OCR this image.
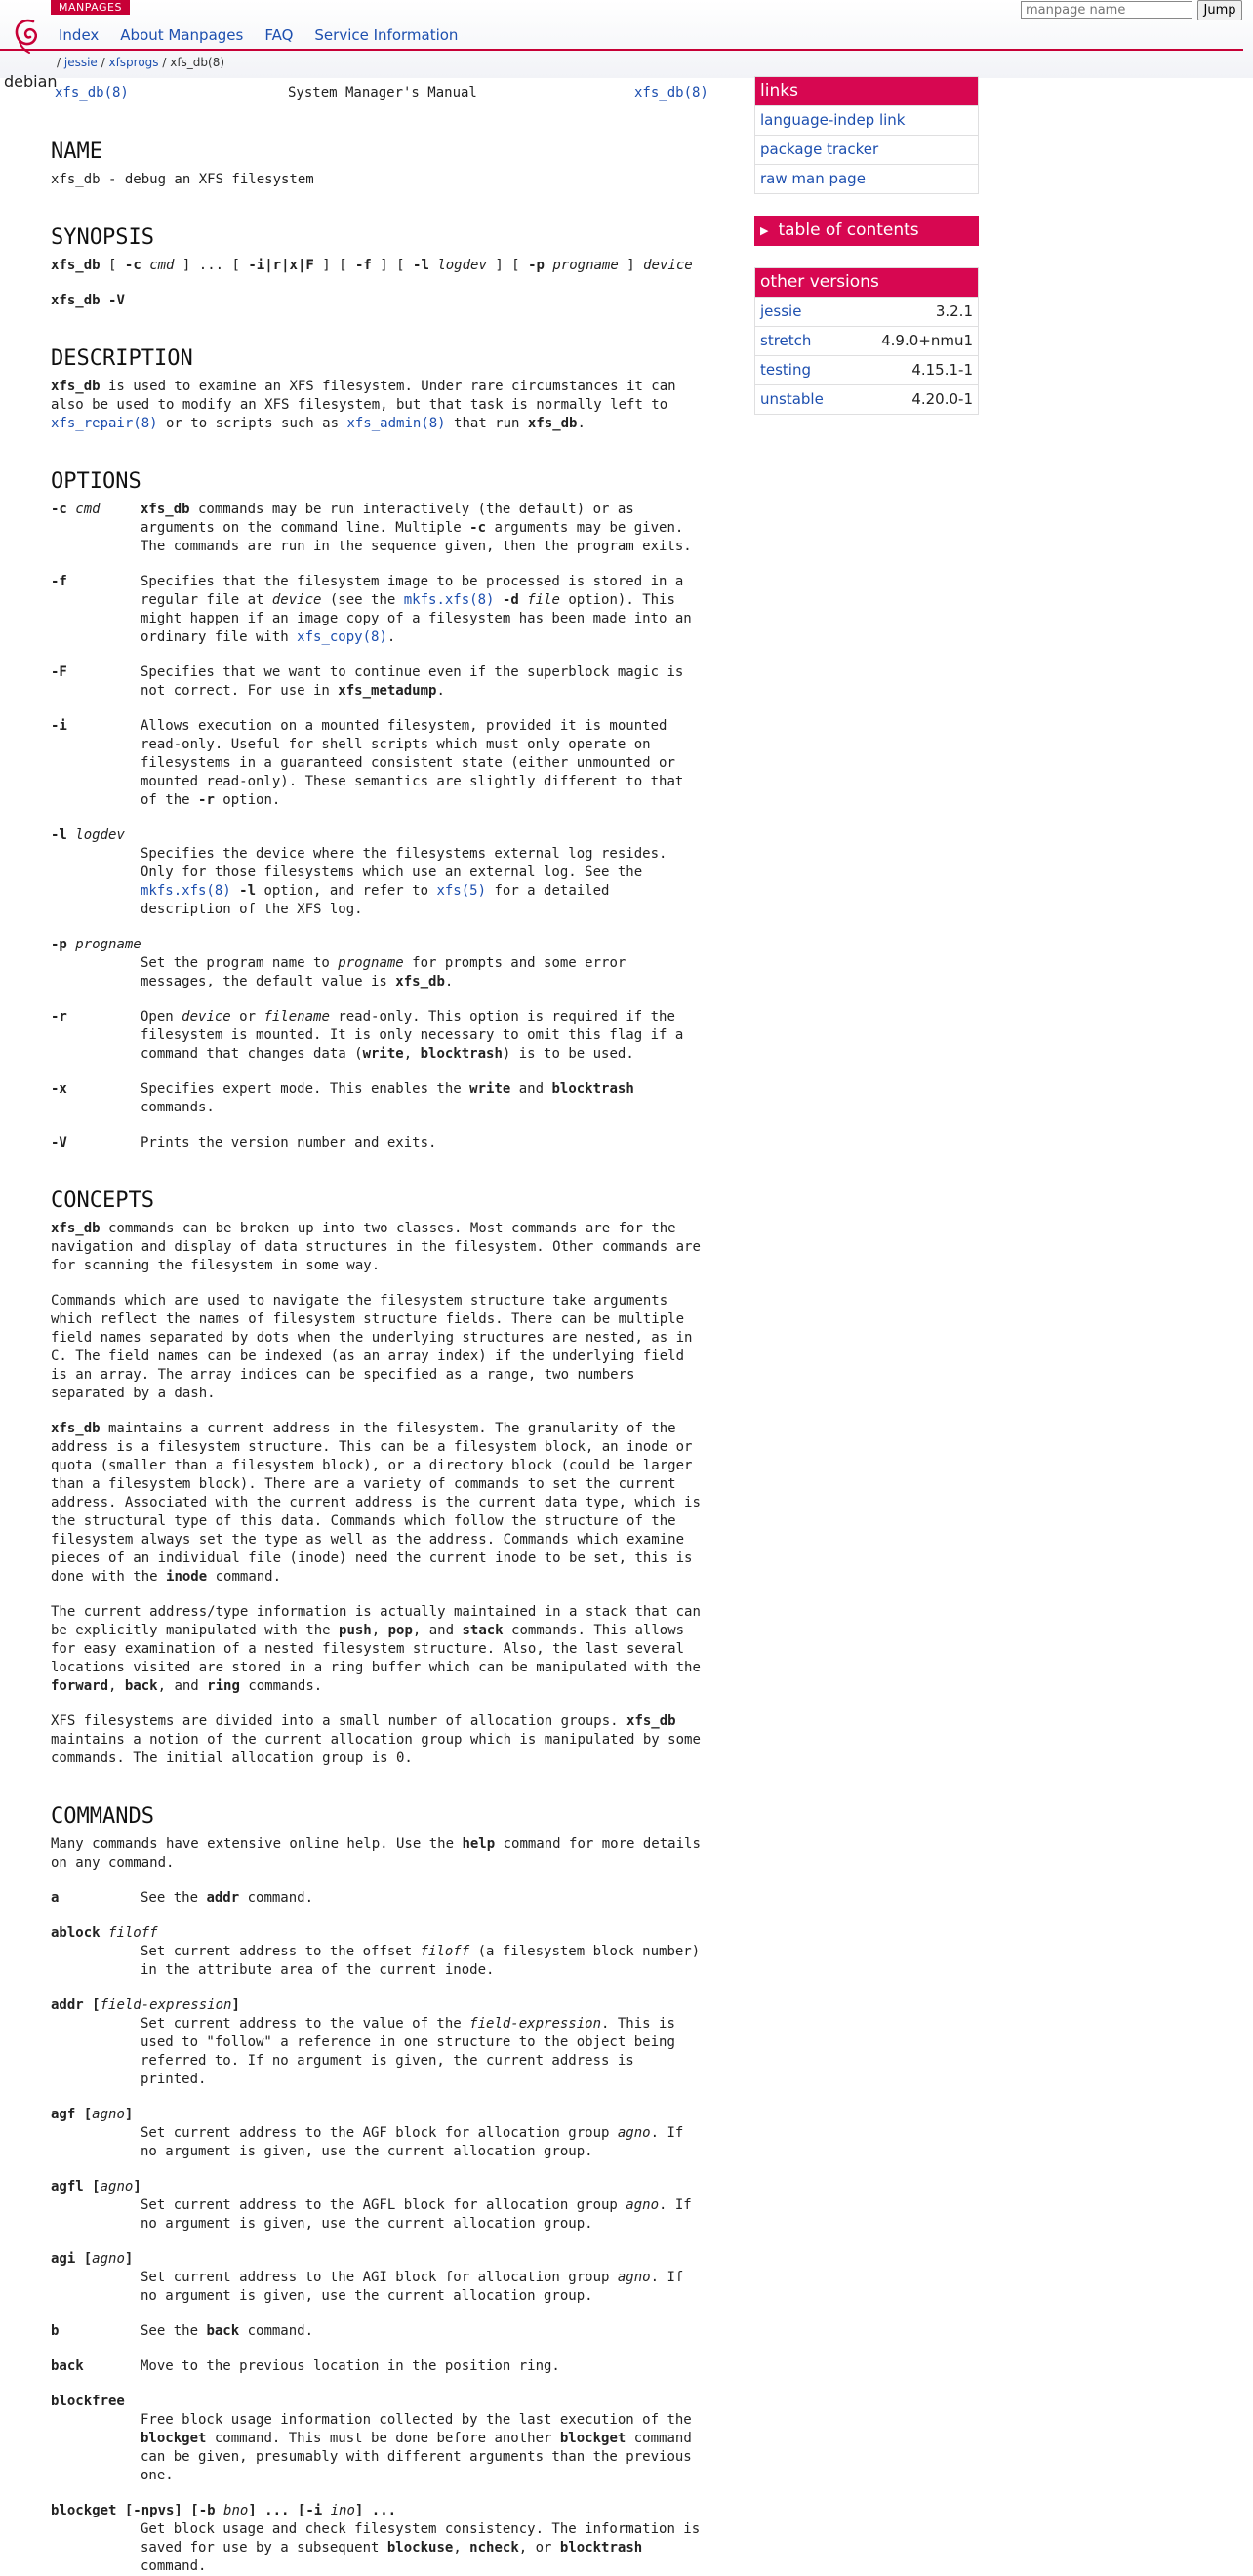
debian
MANPAGES
Index About Manpages FAQ Service Information
/ jessie / xfsprogs / xfs_db(8)
manpage name
Jump
xfs_db(8)	System Manager's Manual	xfs_db(8)
NAME

xfs_db - debug an XFS filesystem

SYNOPSIS

xfs_db [ -c cmd ] ... [ -i|r|x|F ] [ -f ] [ -l logdev ] [ -p progname ] device

xfs_db -V

DESCRIPTION

xfs_db is used to examine an XFS filesystem. Under rare circumstances it can also be used to modify an XFS filesystem, but that task is normally left to xfs_repair(8) or to scripts such as xfs_admin(8) that run xfs_db.

OPTIONS
-c cmd	xfs_db commands may be run interactively (the default) or as arguments on the command line. Multiple -c arguments may be given. The commands are run in the sequence given, then the program exits.
-f	Specifies that the filesystem image to be processed is stored in a regular file at device (see the mkfs.xfs(8) -d file option). This might happen if an image copy of a filesystem has been made into an ordinary file with xfs_copy(8).
-F	Specifies that we want to continue even if the superblock magic is not correct. For use in xfs_metadump.
-i	Allows execution on a mounted filesystem, provided it is mounted read-only. Useful for shell scripts which must only operate on filesystems in a guaranteed consistent state (either unmounted or mounted read-only). These semantics are slightly different to that of the -r option.
-l logdev
Specifies the device where the filesystems external log resides. Only for those filesystems which use an external log. See the mkfs.xfs(8) -l option, and refer to xfs(5) for a detailed description of the XFS log.
-p progname
Set the program name to progname for prompts and some error messages, the default value is xfs_db.
-r	Open device or filename read-only. This option is required if the filesystem is mounted. It is only necessary to omit this flag if a command that changes data (write, blocktrash) is to be used.
-x	Specifies expert mode. This enables the write and blocktrash commands.
-V	Prints the version number and exits.
CONCEPTS

xfs_db commands can be broken up into two classes. Most commands are for the navigation and display of data structures in the filesystem. Other commands are for scanning the filesystem in some way.

Commands which are used to navigate the filesystem structure take arguments which reflect the names of filesystem structure fields. There can be multiple field names separated by dots when the underlying structures are nested, as in C. The field names can be indexed (as an array index) if the underlying field is an array. The array indices can be specified as a range, two numbers separated by a dash.

xfs_db maintains a current address in the filesystem. The granularity of the address is a filesystem structure. This can be a filesystem block, an inode or quota (smaller than a filesystem block), or a directory block (could be larger than a filesystem block). There are a variety of commands to set the current address. Associated with the current address is the current data type, which is the structural type of this data. Commands which follow the structure of the filesystem always set the type as well as the address. Commands which examine pieces of an individual file (inode) need the current inode to be set, this is done with the inode command.

The current address/type information is actually maintained in a stack that can be explicitly manipulated with the push, pop, and stack commands. This allows for easy examination of a nested filesystem structure. Also, the last several locations visited are stored in a ring buffer which can be manipulated with the forward, back, and ring commands.

XFS filesystems are divided into a small number of allocation groups. xfs_db maintains a notion of the current allocation group which is manipulated by some commands. The initial allocation group is 0.

COMMANDS

Many commands have extensive online help. Use the help command for more details on any command.

a	See the addr command.
ablock filoff
Set current address to the offset filoff (a filesystem block number) in the attribute area of the current inode.
addr [field-expression]
Set current address to the value of the field-expression. This is used to "follow" a reference in one structure to the object being referred to. If no argument is given, the current address is printed.
agf [agno]
Set current address to the AGF block for allocation group agno. If no argument is given, use the current allocation group.
agfl [agno]
Set current address to the AGFL block for allocation group agno. If no argument is given, use the current allocation group.
agi [agno]
Set current address to the AGI block for allocation group agno. If no argument is given, use the current allocation group.
b	See the back command.
back	Move to the previous location in the position ring.
blockfree
Free block usage information collected by the last execution of the blockget command. This must be done before another blockget command can be given, presumably with different arguments than the previous one.
blockget [-npvs] [-b bno] ... [-i ino] ...
Get block usage and check filesystem consistency. The information is saved for use by a subsequent blockuse, ncheck, or blocktrash command.
links
language-indep link
package tracker
raw man page
▶ table of contents
other versions
jessie	3.2.1
stretch	4.9.0+nmu1
testing	4.15.1-1
unstable	4.20.0-1
